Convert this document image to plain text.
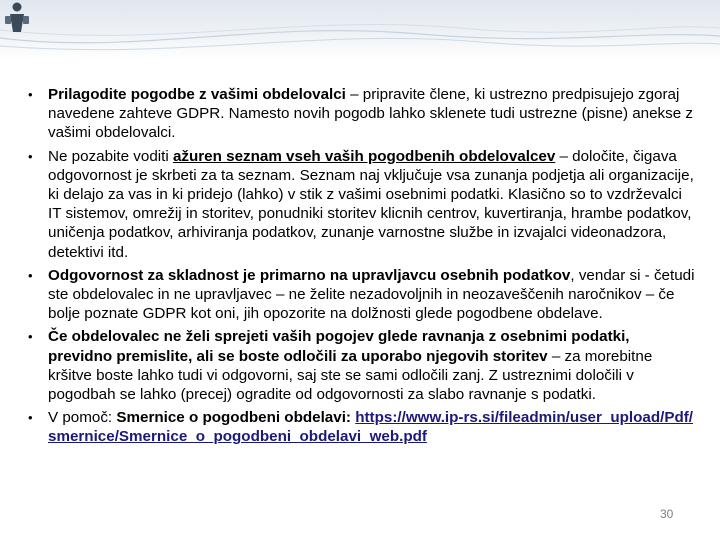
• Prilagodite pogodbe z vašimi obdelovalci – pripravite člene, ki ustrezno predpisujejo zgoraj navedene zahteve GDPR. Namesto novih pogodb lahko sklenete tudi ustrezne (pisne) anekse z vašimi obdelovalci.
• Ne pozabite voditi ažuren seznam vseh vaših pogodbenih obdelovalcev – določite, čigava odgovornost je skrbeti za ta seznam. Seznam naj vključuje vsa zunanja podjetja ali organizacije, ki delajo za vas in ki pridejo (lahko) v stik z vašimi osebnimi podatki. Klasično so to vzdrževalci IT sistemov, omrežij in storitev, ponudniki storitev klicnih centrov, kuvertiranja, hrambe podatkov, uničenja podatkov, arhiviranja podatkov, zunanje varnostne službe in izvajalci videonadzora, detektivi itd.
• Odgovornost za skladnost je primarno na upravljavcu osebnih podatkov, vendar si - četudi ste obdelovalec in ne upravljavec – ne želite nezadovoljnih in neozaveščenih naročnikov – če bolje poznate GDPR kot oni, jih opozorite na dolžnosti glede pogodbene obdelave.
• Če obdelovalec ne želi sprejeti vaših pogojev glede ravnanja z osebnimi podatki, previdno premislite, ali se boste odločili za uporabo njegovih storitev – za morebitne kršitve boste lahko tudi vi odgovorni, saj ste se sami odločili zanj. Z ustreznimi določili v pogodbah se lahko (precej) ogradite od odgovornosti za slabo ravnanje s podatki.
• V pomoč: Smernice o pogodbeni obdelavi: https://www.ip-rs.si/fileadmin/user_upload/Pdf/smernice/Smernice_o_pogodbeni_obdelavi_web.pdf
30
